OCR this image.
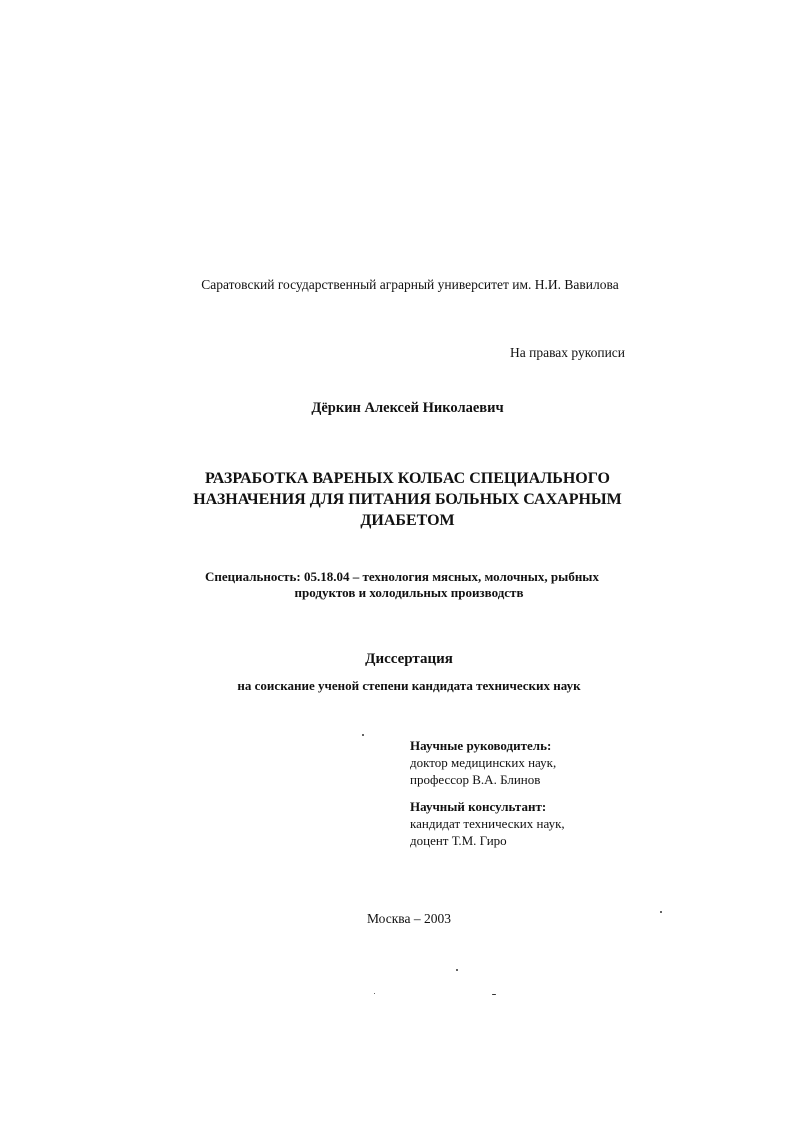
Саратовский государственный аграрный университет им. Н.И. Вавилова
На правах рукописи
Дёркин Алексей Николаевич
РАЗРАБОТКА ВАРЕНЫХ КОЛБАС СПЕЦИАЛЬНОГО
НАЗНАЧЕНИЯ ДЛЯ ПИТАНИЯ БОЛЬНЫХ САХАРНЫМ
ДИАБЕТОМ
Специальность: 05.18.04 – технология мясных, молочных, рыбных
продуктов и холодильных производств
Диссертация
на соискание ученой степени кандидата технических наук
Научные руководитель:
доктор медицинских наук,
профессор В.А. Блинов
Научный консультант:
кандидат технических наук,
доцент Т.М. Гиро
Москва – 2003
